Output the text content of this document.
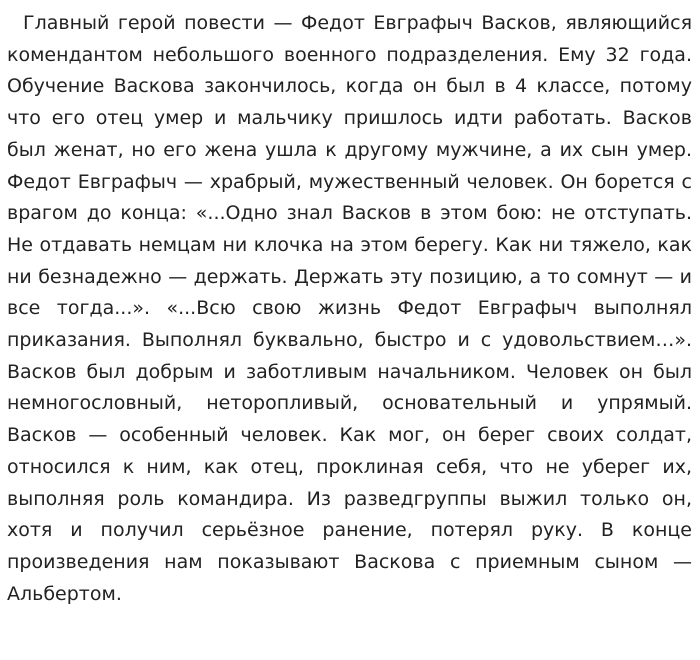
Главный герой повести — Федот Евграфыч Васков, являющийся комендантом небольшого военного подразделения. Ему 32 года. Обучение Васкова закончилось, когда он был в 4 классе, потому что его отец умер и мальчику пришлось идти работать. Васков был женат, но его жена ушла к другому мужчине, а их сын умер. Федот Евграфыч — храбрый, мужественный человек. Он борется с врагом до конца: «...Одно знал Васков в этом бою: не отступать. Не отдавать немцам ни клочка на этом берегу. Как ни тяжело, как ни безнадежно — держать. Держать эту позицию, а то сомнут — и все тогда...». «...Всю свою жизнь Федот Евграфыч выполнял приказания. Выполнял буквально, быстро и с удовольствием…». Васков был добрым и заботливым начальником. Человек он был немногословный, неторопливый, основательный и упрямый. Васков — особенный человек. Как мог, он берег своих солдат, относился к ним, как отец, проклиная себя, что не уберег их, выполняя роль командира. Из разведгруппы выжил только он, хотя и получил серьёзное ранение, потерял руку. В конце произведения нам показывают Васкова с приемным сыном — Альбертом.
